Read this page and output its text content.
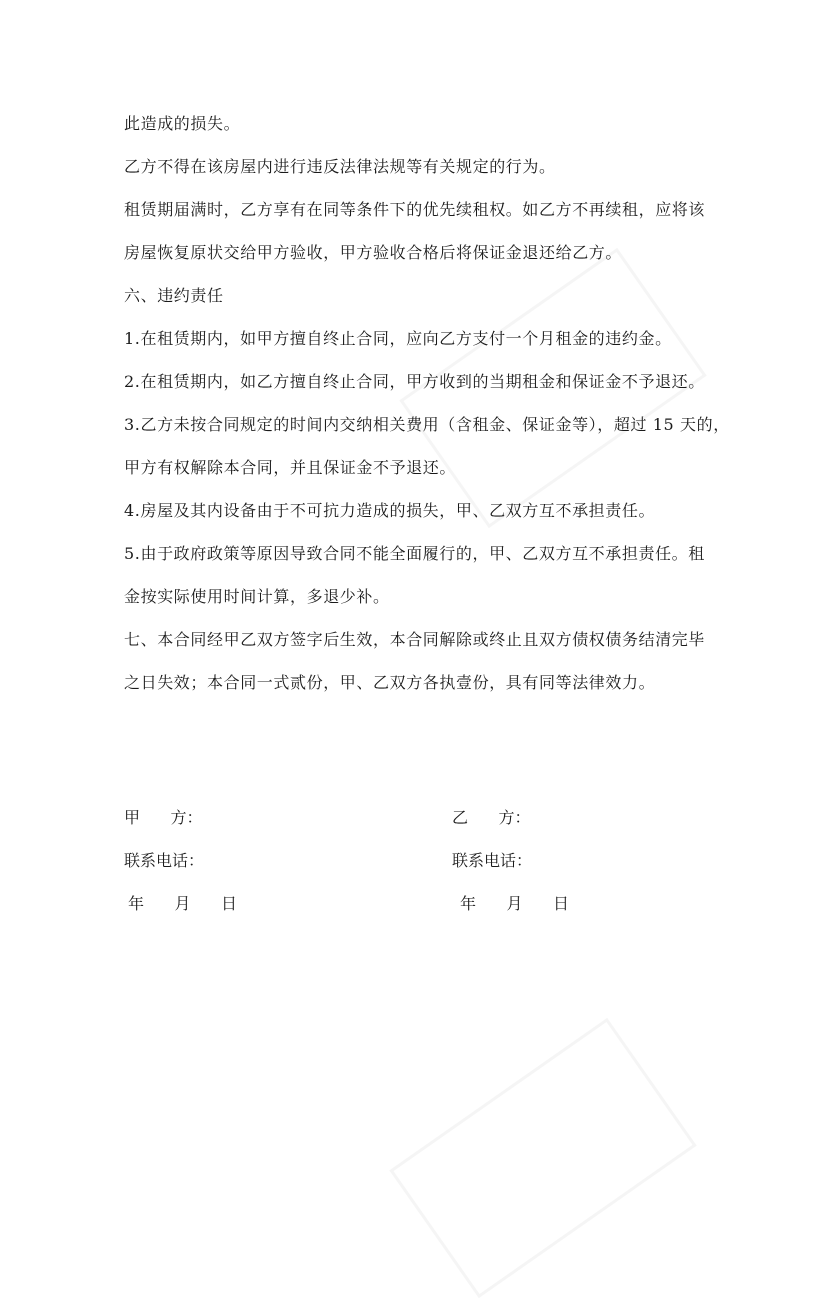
此造成的损失。
乙方不得在该房屋内进行违反法律法规等有关规定的行为。
租赁期届满时，乙方享有在同等条件下的优先续租权。如乙方不再续租，应将该
房屋恢复原状交给甲方验收，甲方验收合格后将保证金退还给乙方。
六、违约责任
1.在租赁期内，如甲方擅自终止合同，应向乙方支付一个月租金的违约金。
2.在租赁期内，如乙方擅自终止合同，甲方收到的当期租金和保证金不予退还。
3.乙方未按合同规定的时间内交纳相关费用（含租金、保证金等），超过 15 天的，
甲方有权解除本合同，并且保证金不予退还。
4.房屋及其内设备由于不可抗力造成的损失，甲、乙双方互不承担责任。
5.由于政府政策等原因导致合同不能全面履行的，甲、乙双方互不承担责任。租
金按实际使用时间计算，多退少补。
七、本合同经甲乙双方签字后生效，本合同解除或终止且双方债权债务结清完毕
之日失效；本合同一式贰份，甲、乙双方各执壹份，具有同等法律效力。
甲      方：	乙      方：
联系电话：	联系电话：
年      月      日	年      月      日
